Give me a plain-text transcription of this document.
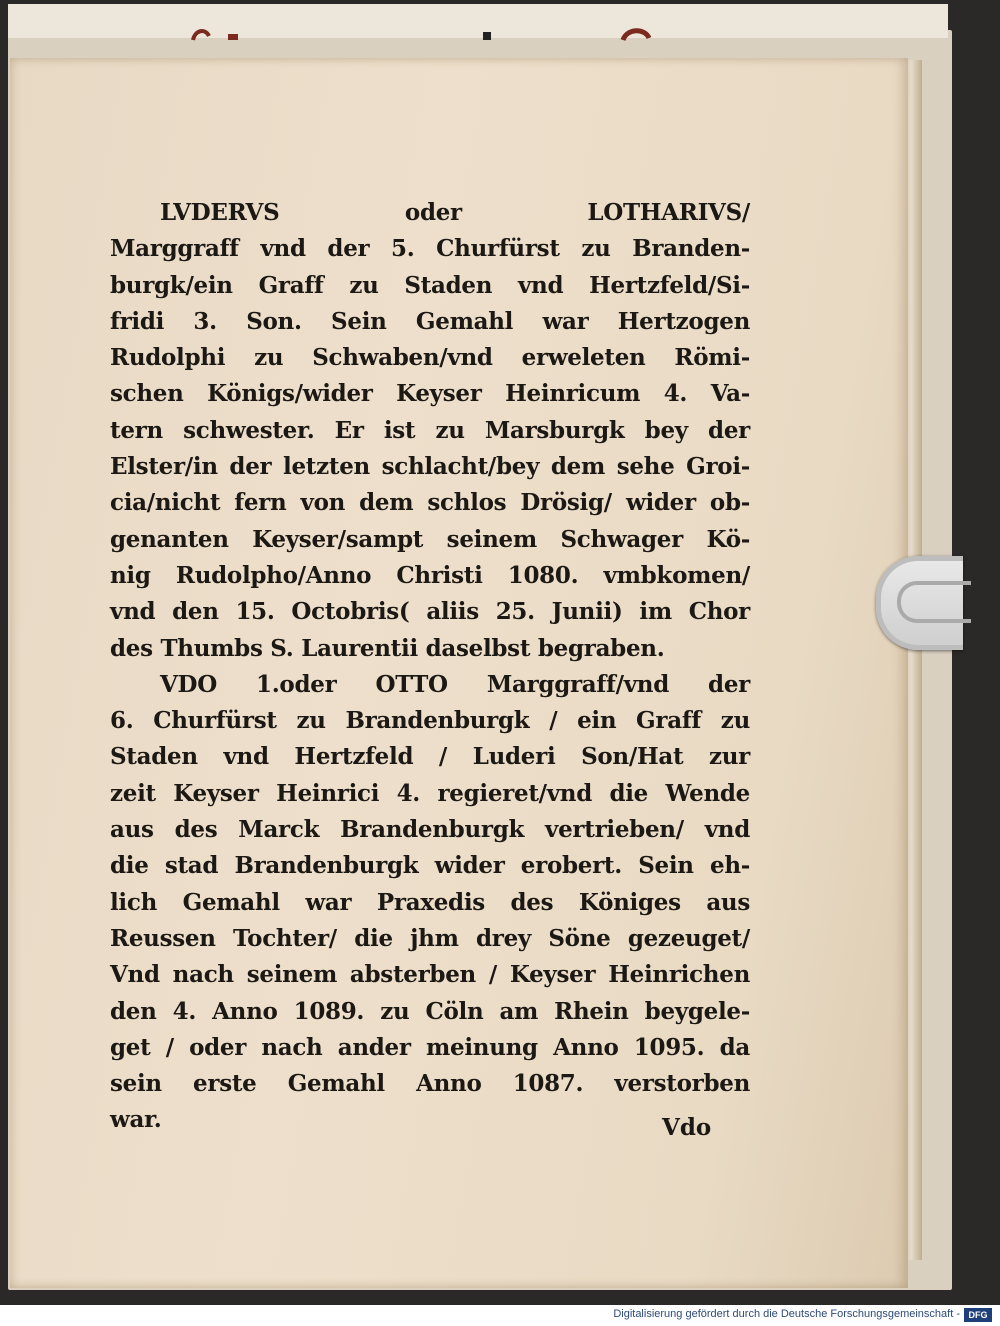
LVDERVS oder LOTHARIVS/
Marggraff vnd der 5. Churfürst zu Branden-
burgk/ein Graff zu Staden vnd Hertzfeld/Si-
fridi 3. Son. Sein Gemahl war Hertzogen
Rudolphi zu Schwaben/vnd erweleten Römi-
schen Königs/wider Keyser Heinricum 4. Va-
tern schwester. Er ist zu Marsburgk bey der
Elster/in der letzten schlacht/bey dem sehe Groi-
cia/nicht fern von dem schlos Drösig/ wider ob-
genanten Keyser/sampt seinem Schwager Kö-
nig Rudolpho/Anno Christi 1080. vmbkomen/
vnd den 15. Octobris( aliis 25. Junii) im Chor
des Thumbs S. Laurentii daselbst begraben.
VDO 1.oder OTTO Marggraff/vnd der
6. Churfürst zu Brandenburgk / ein Graff zu
Staden vnd Hertzfeld / Luderi Son/Hat zur
zeit Keyser Heinrici 4. regieret/vnd die Wende
aus des Marck Brandenburgk vertrieben/ vnd
die stad Brandenburgk wider erobert. Sein eh-
lich Gemahl war Praxedis des Königes aus
Reussen Tochter/ die jhm drey Söne gezeuget/
Vnd nach seinem absterben / Keyser Heinrichen
den 4. Anno 1089. zu Cöln am Rhein beygele-
get / oder nach ander meinung Anno 1095. da
sein erste Gemahl Anno 1087. verstorben
war.	Vdo
Digitalisierung gefördert durch die Deutsche Forschungsgemeinschaft - DFG
